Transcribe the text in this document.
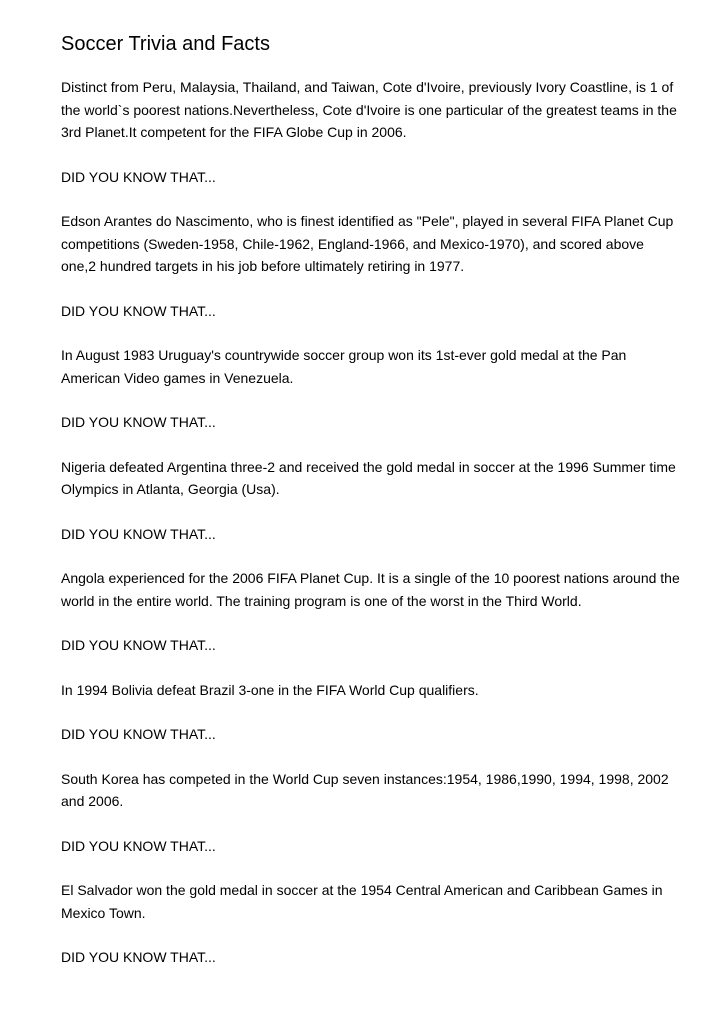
Soccer Trivia and Facts

Distinct from Peru, Malaysia, Thailand, and Taiwan, Cote d'Ivoire, previously Ivory Coastline, is 1 of the world`s poorest nations.Nevertheless, Cote d'Ivoire is one particular of the greatest teams in the 3rd Planet.It competent for the FIFA Globe Cup in 2006.

DID YOU KNOW THAT...

Edson Arantes do Nascimento, who is finest identified as "Pele", played in several FIFA Planet Cup competitions (Sweden-1958, Chile-1962, England-1966, and Mexico-1970), and scored above one,2 hundred targets in his job before ultimately retiring in 1977.

DID YOU KNOW THAT...

In August 1983 Uruguay's countrywide soccer group won its 1st-ever gold medal at the Pan American Video games in Venezuela.

DID YOU KNOW THAT...

Nigeria defeated Argentina three-2 and received the gold medal in soccer at the 1996 Summer time Olympics in Atlanta, Georgia (Usa).

DID YOU KNOW THAT...

Angola experienced for the 2006 FIFA Planet Cup. It is a single of the 10 poorest nations around the world in the entire world. The training program is one of the worst in the Third World.

DID YOU KNOW THAT...

In 1994 Bolivia defeat Brazil 3-one in the FIFA World Cup qualifiers.

DID YOU KNOW THAT...

South Korea has competed in the World Cup seven instances:1954, 1986,1990, 1994, 1998, 2002 and 2006.

DID YOU KNOW THAT...

El Salvador won the gold medal in soccer at the 1954 Central American and Caribbean Games in Mexico Town.

DID YOU KNOW THAT...
